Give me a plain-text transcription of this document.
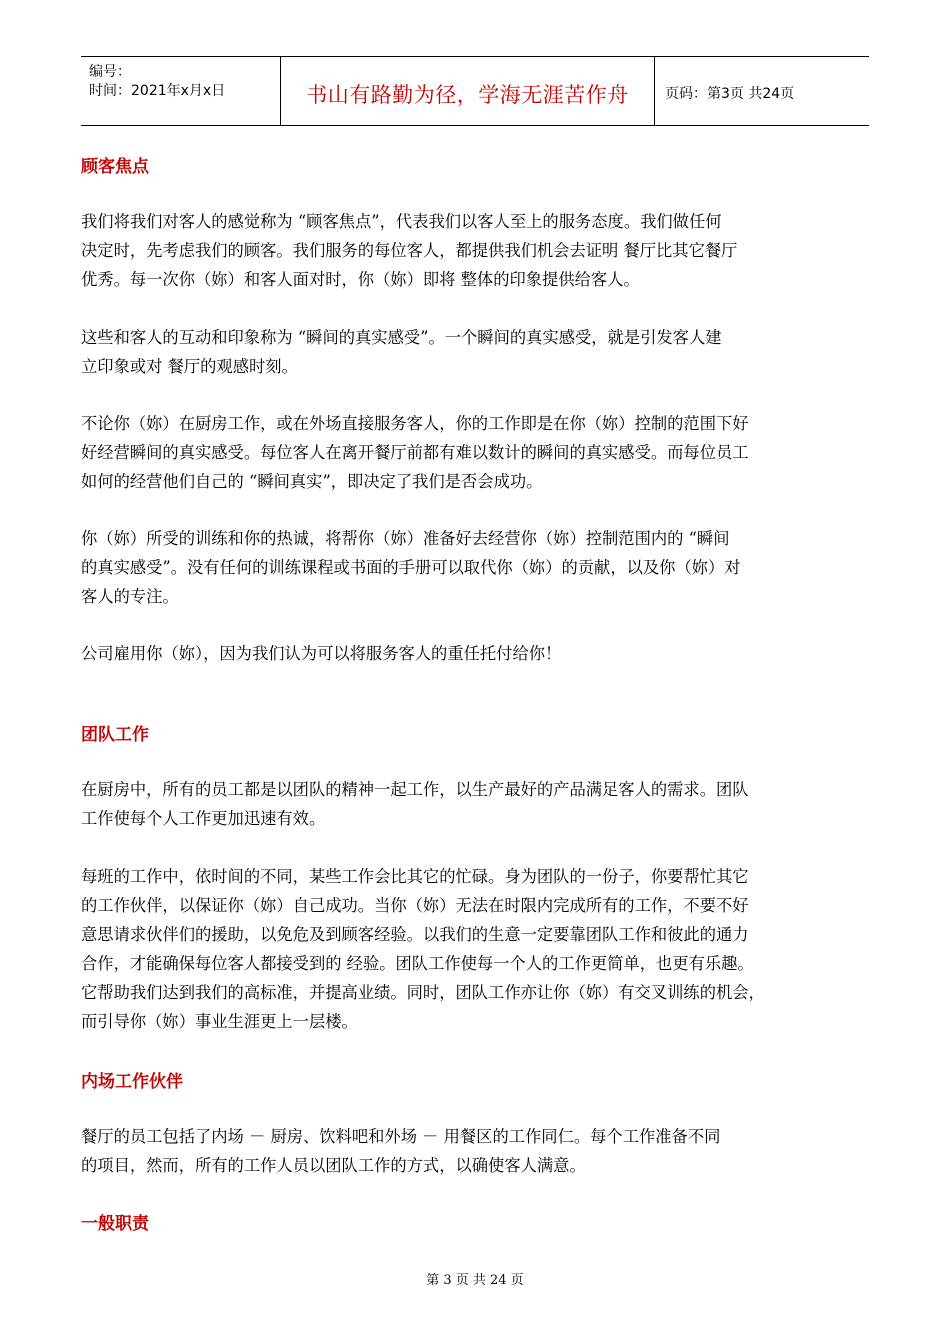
编号：
时间：2021年x月x日	书山有路勤为径，学海无涯苦作舟	页码：第3页 共24页
顾客焦点
我们将我们对客人的感觉称为 “顾客焦点”，代表我们以客人至上的服务态度。我们做任何
决定时，先考虑我们的顾客。我们服务的每位客人，都提供我们机会去证明 餐厅比其它餐厅
优秀。每一次你（妳）和客人面对时，你（妳）即将 整体的印象提供给客人。
这些和客人的互动和印象称为 “瞬间的真实感受”。一个瞬间的真实感受，就是引发客人建
立印象或对 餐厅的观感时刻。
不论你（妳）在厨房工作，或在外场直接服务客人，你的工作即是在你（妳）控制的范围下好
好经营瞬间的真实感受。每位客人在离开餐厅前都有难以数计的瞬间的真实感受。而每位员工
如何的经营他们自己的 “瞬间真实”，即决定了我们是否会成功。
你（妳）所受的训练和你的热诚，将帮你（妳）准备好去经营你（妳）控制范围内的 “瞬间
的真实感受”。没有任何的训练课程或书面的手册可以取代你（妳）的贡献，以及你（妳）对
客人的专注。
公司雇用你（妳），因为我们认为可以将服务客人的重任托付给你！
团队工作
在厨房中，所有的员工都是以团队的精神一起工作，以生产最好的产品满足客人的需求。团队
工作使每个人工作更加迅速有效。
每班的工作中，依时间的不同，某些工作会比其它的忙碌。身为团队的一份子，你要帮忙其它
的工作伙伴，以保证你（妳）自己成功。当你（妳）无法在时限内完成所有的工作，不要不好
意思请求伙伴们的援助，以免危及到顾客经验。以我们的生意一定要靠团队工作和彼此的通力
合作，才能确保每位客人都接受到的 经验。团队工作使每一个人的工作更简单，也更有乐趣。
它帮助我们达到我们的高标准，并提高业绩。同时，团队工作亦让你（妳）有交叉训练的机会，
而引导你（妳）事业生涯更上一层楼。
内场工作伙伴
餐厅的员工包括了内场 － 厨房、饮料吧和外场 － 用餐区的工作同仁。每个工作准备不同
的项目，然而，所有的工作人员以团队工作的方式，以确使客人满意。
一般职责
第 3 页 共 24 页
